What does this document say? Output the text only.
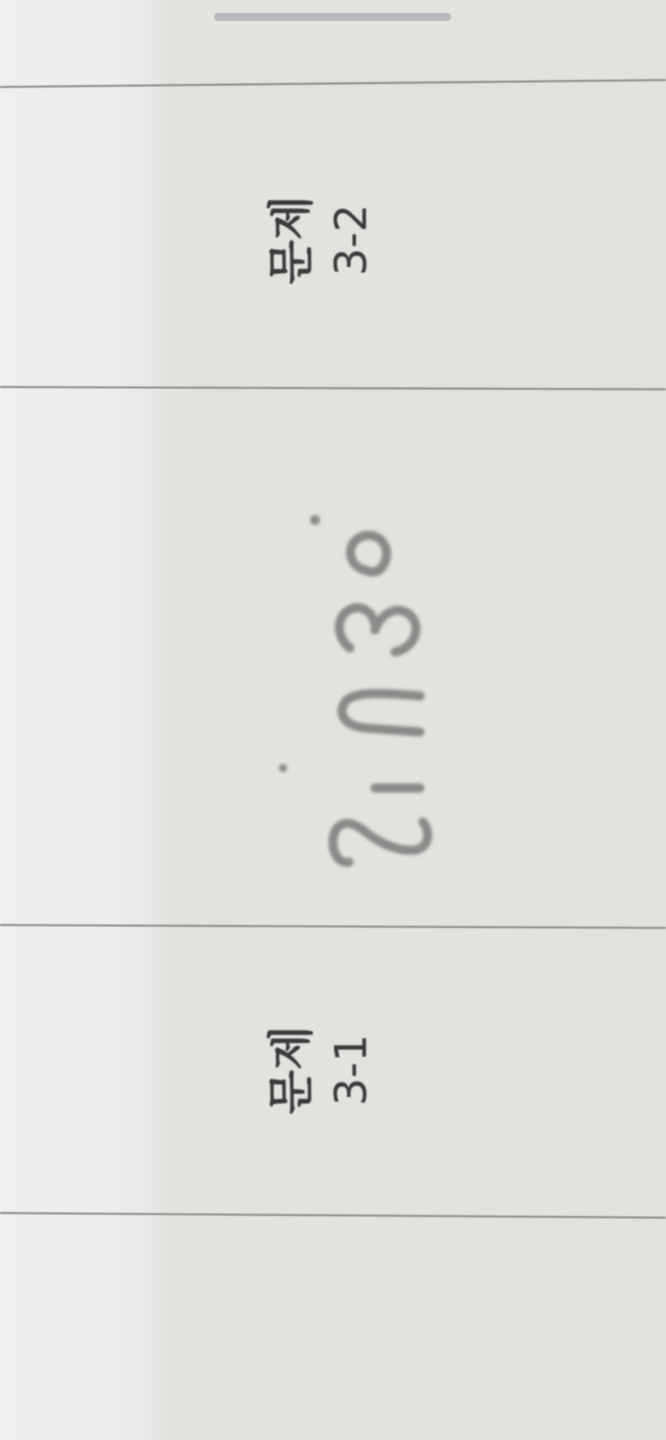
문제 3-2
문제 3-1
